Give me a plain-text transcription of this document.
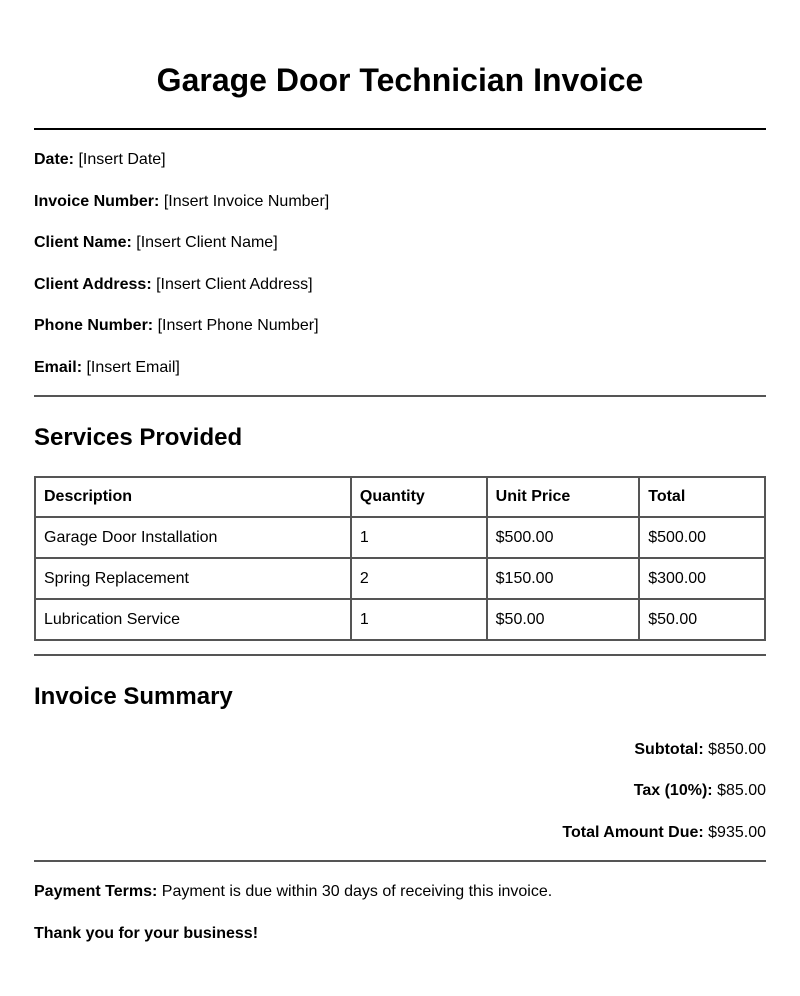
Garage Door Technician Invoice
Date: [Insert Date]
Invoice Number: [Insert Invoice Number]
Client Name: [Insert Client Name]
Client Address: [Insert Client Address]
Phone Number: [Insert Phone Number]
Email: [Insert Email]
Services Provided
Description	Quantity	Unit Price	Total
Garage Door Installation	1	$500.00	$500.00
Spring Replacement	2	$150.00	$300.00
Lubrication Service	1	$50.00	$50.00
Invoice Summary
Subtotal: $850.00
Tax (10%): $85.00
Total Amount Due: $935.00
Payment Terms: Payment is due within 30 days of receiving this invoice.
Thank you for your business!
